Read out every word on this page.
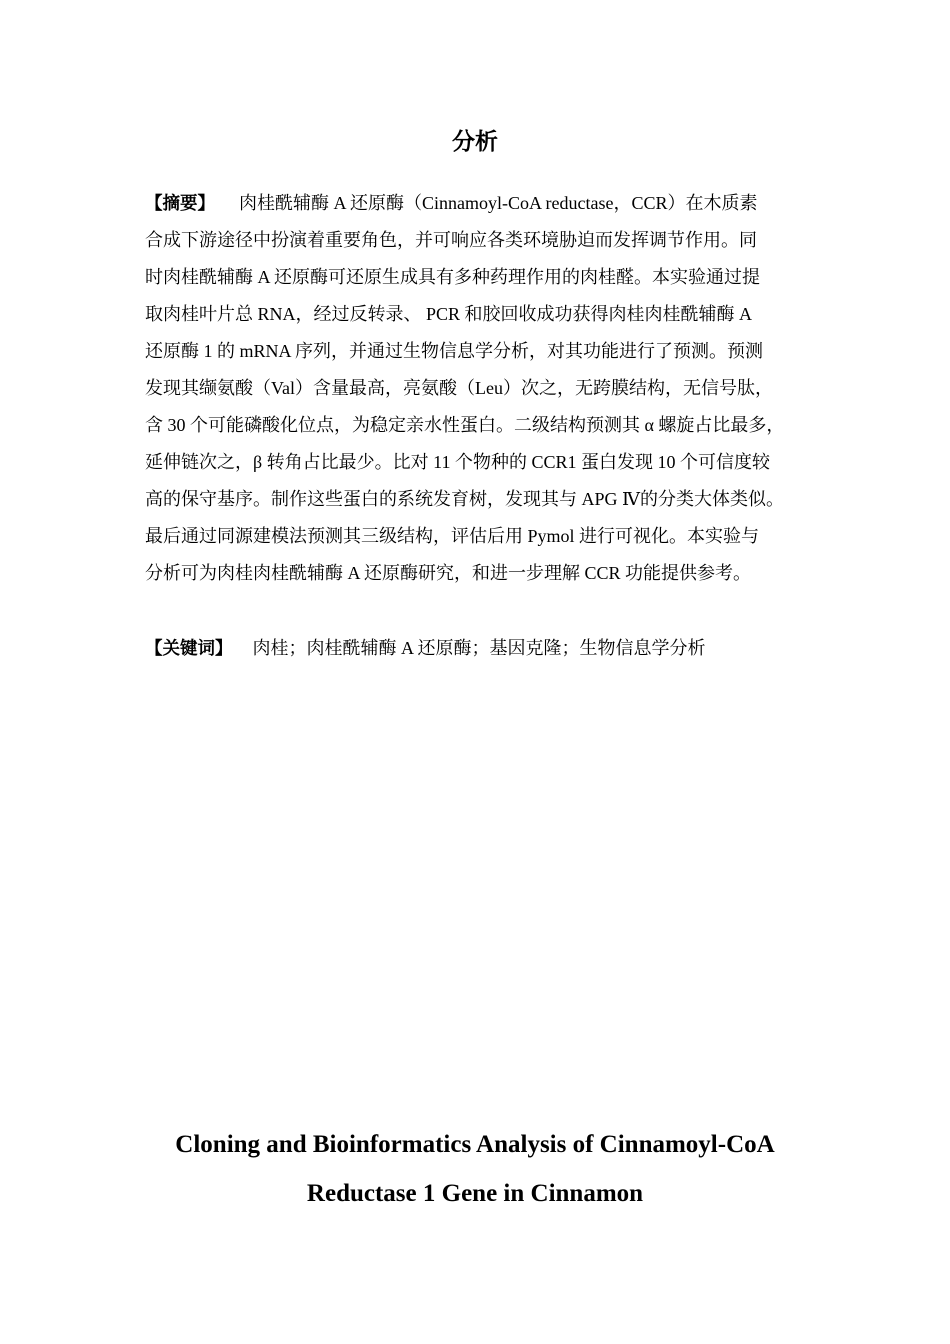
分析
【摘要】 肉桂酰辅酶 A 还原酶（Cinnamoyl-CoA reductase，CCR）在木质素
合成下游途径中扮演着重要角色，并可响应各类环境胁迫而发挥调节作用。同
时肉桂酰辅酶 A 还原酶可还原生成具有多种药理作用的肉桂醛。本实验通过提
取肉桂叶片总 RNA，经过反转录、 PCR 和胶回收成功获得肉桂肉桂酰辅酶 A
还原酶 1 的 mRNA 序列，并通过生物信息学分析，对其功能进行了预测。预测
发现其缬氨酸（Val）含量最高，亮氨酸（Leu）次之，无跨膜结构，无信号肽，
含 30 个可能磷酸化位点，为稳定亲水性蛋白。二级结构预测其 α 螺旋占比最多，
延伸链次之，β 转角占比最少。比对 11 个物种的 CCR1 蛋白发现 10 个可信度较
高的保守基序。制作这些蛋白的系统发育树，发现其与 APG Ⅳ的分类大体类似。
最后通过同源建模法预测其三级结构，评估后用 Pymol 进行可视化。本实验与
分析可为肉桂肉桂酰辅酶 A 还原酶研究，和进一步理解 CCR 功能提供参考。
【关键词】 肉桂；肉桂酰辅酶 A 还原酶；基因克隆；生物信息学分析
Cloning and Bioinformatics Analysis of Cinnamoyl-CoA
Reductase 1 Gene in Cinnamon
